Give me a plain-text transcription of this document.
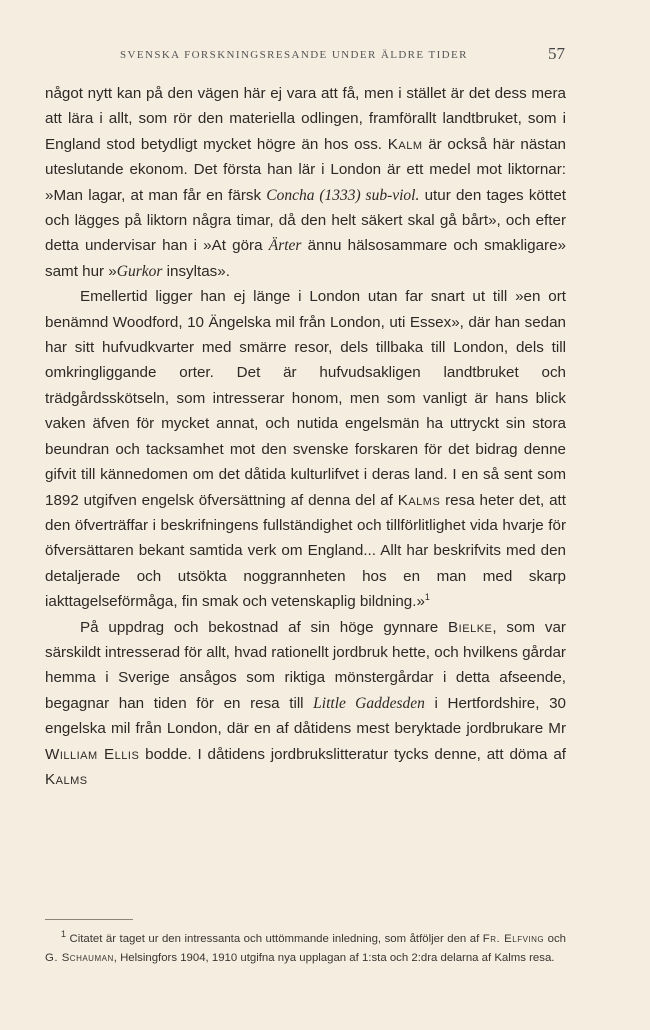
SVENSKA FORSKNINGSRESANDE UNDER ÄLDRE TIDER	57

något nytt kan på den vägen här ej vara att få, men i stället är det dess mera att lära i allt, som rör den materiella odlingen, framförallt landtbruket, som i England stod betydligt mycket högre än hos oss. Kalm är också här nästan uteslutande ekonom. Det första han lär i London är ett medel mot liktornar: »Man lagar, at man får en färsk Concha (1333) sub-viol. utur den tages köttet och lägges på liktorn några timar, då den helt säkert skal gå bårt», och efter detta undervisar han i »At göra Ärter ännu hälsosammare och smakligare» samt hur »Gurkor insyltas».

Emellertid ligger han ej länge i London utan far snart ut till »en ort benämnd Woodford, 10 Ängelska mil från London, uti Essex», där han sedan har sitt hufvudkvarter med smärre resor, dels tillbaka till London, dels till omkringliggande orter. Det är hufvudsakligen landtbruket och trädgårdsskötseln, som intresserar honom, men som vanligt är hans blick vaken äfven för mycket annat, och nutida engelsmän ha uttryckt sin stora beundran och tacksamhet mot den svenske forskaren för det bidrag denne gifvit till kännedomen om det dåtida kulturlifvet i deras land. I en så sent som 1892 utgifven engelsk öfversättning af denna del af Kalms resa heter det, att den öfverträffar i beskrifningens fullständighet och tillförlitlighet vida hvarje för öfversättaren bekant samtida verk om England... Allt har beskrifvits med den detaljerade och utsökta noggrannheten hos en man med skarp iakttagelseförmåga, fin smak och vetenskaplig bildning.»$^1$

På uppdrag och bekostnad af sin höge gynnare Bielke, som var särskildt intresserad för allt, hvad rationellt jordbruk hette, och hvilkens gårdar hemma i Sverige ansågos som riktiga mönstergårdar i detta afseende, begagnar han tiden för en resa till Little Gaddesden i Hertfordshire, 30 engelska mil från London, där en af dåtidens mest beryktade jordbrukare Mr William Ellis bodde. I dåtidens jordbrukslitteratur tycks denne, att döma af Kalms

$^1$ Citatet är taget ur den intressanta och uttömmande inledning, som åtföljer den af Fr. Elfving och G. Schauman, Helsingfors 1904, 1910 utgifna nya upplagan af 1:sta och 2:dra delarna af Kalms resa.
